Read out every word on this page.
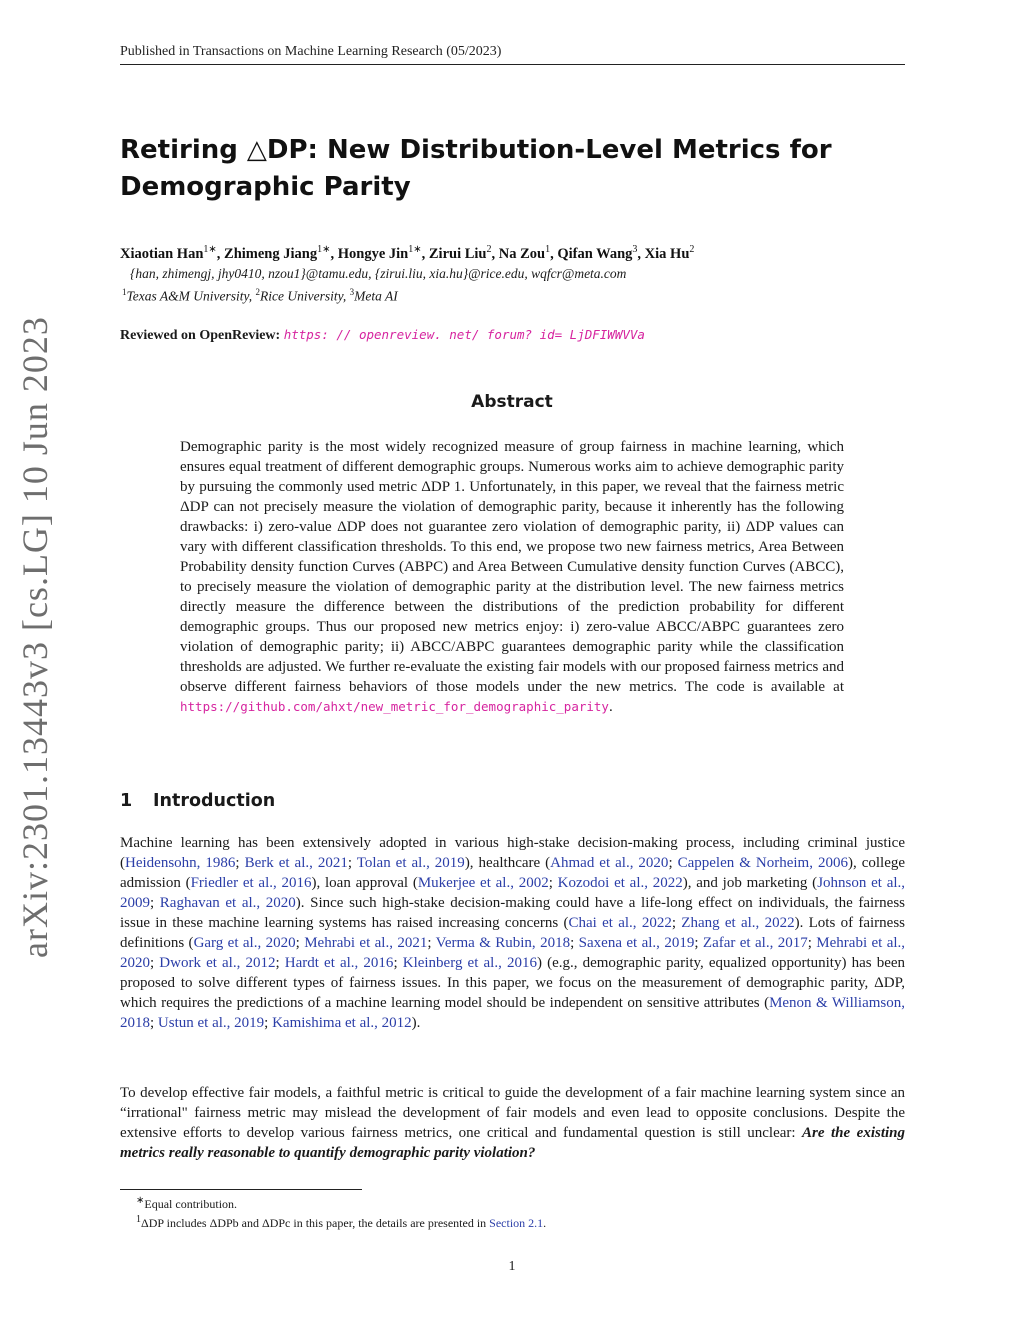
Published in Transactions on Machine Learning Research (05/2023)
arXiv:2301.13443v3 [cs.LG] 10 Jun 2023
Retiring △DP: New Distribution-Level Metrics for
Demographic Parity
Xiaotian Han$^{1∗}$, Zhimeng Jiang$^{1∗}$, Hongye Jin$^{1∗}$, Zirui Liu$^2$, Na Zou$^1$, Qifan Wang$^3$, Xia Hu$^2$
{han, zhimengj, jhy0410, nzou1}@tamu.edu, {zirui.liu, xia.hu}@rice.edu, wqfcr@meta.com
$^1$Texas A&M University, $^2$Rice University, $^3$Meta AI
Reviewed on OpenReview: https: // openreview. net/ forum? id= LjDFIWWVVa
Abstract
Demographic parity is the most widely recognized measure of group fairness in machine learning, which ensures equal treatment of different demographic groups. Numerous works aim to achieve demographic parity by pursuing the commonly used metric ΔDP 1. Unfortunately, in this paper, we reveal that the fairness metric ΔDP can not precisely measure the violation of demographic parity, because it inherently has the following drawbacks: i) zero-value ΔDP does not guarantee zero violation of demographic parity, ii) ΔDP values can vary with different classification thresholds. To this end, we propose two new fairness metrics, Area Between Probability density function Curves (ABPC) and Area Between Cumulative density function Curves (ABCC), to precisely measure the violation of demographic parity at the distribution level. The new fairness metrics directly measure the difference between the distributions of the prediction probability for different demographic groups. Thus our proposed new metrics enjoy: i) zero-value ABCC/ABPC guarantees zero violation of demographic parity; ii) ABCC/ABPC guarantees demographic parity while the classification thresholds are adjusted. We further re-evaluate the existing fair models with our proposed fairness metrics and observe different fairness behaviors of those models under the new metrics. The code is available at https://github.com/ahxt/new_metric_for_demographic_parity.
1 Introduction
Machine learning has been extensively adopted in various high-stake decision-making process, including criminal justice (Heidensohn, 1986; Berk et al., 2021; Tolan et al., 2019), healthcare (Ahmad et al., 2020; Cappelen & Norheim, 2006), college admission (Friedler et al., 2016), loan approval (Mukerjee et al., 2002; Kozodoi et al., 2022), and job marketing (Johnson et al., 2009; Raghavan et al., 2020). Since such high-stake decision-making could have a life-long effect on individuals, the fairness issue in these machine learning systems has raised increasing concerns (Chai et al., 2022; Zhang et al., 2022). Lots of fairness definitions (Garg et al., 2020; Mehrabi et al., 2021; Verma & Rubin, 2018; Saxena et al., 2019; Zafar et al., 2017; Mehrabi et al., 2020; Dwork et al., 2012; Hardt et al., 2016; Kleinberg et al., 2016) (e.g., demographic parity, equalized opportunity) has been proposed to solve different types of fairness issues. In this paper, we focus on the measurement of demographic parity, ΔDP, which requires the predictions of a machine learning model should be independent on sensitive attributes (Menon & Williamson, 2018; Ustun et al., 2019; Kamishima et al., 2012).
To develop effective fair models, a faithful metric is critical to guide the development of a fair machine learning system since an “irrational" fairness metric may mislead the development of fair models and even lead to opposite conclusions. Despite the extensive efforts to develop various fairness metrics, one critical and fundamental question is still unclear: Are the existing metrics really reasonable to quantify demographic parity violation?
∗Equal contribution.
$^1$ΔDP includes ΔDPb and ΔDPc in this paper, the details are presented in Section 2.1.
1
